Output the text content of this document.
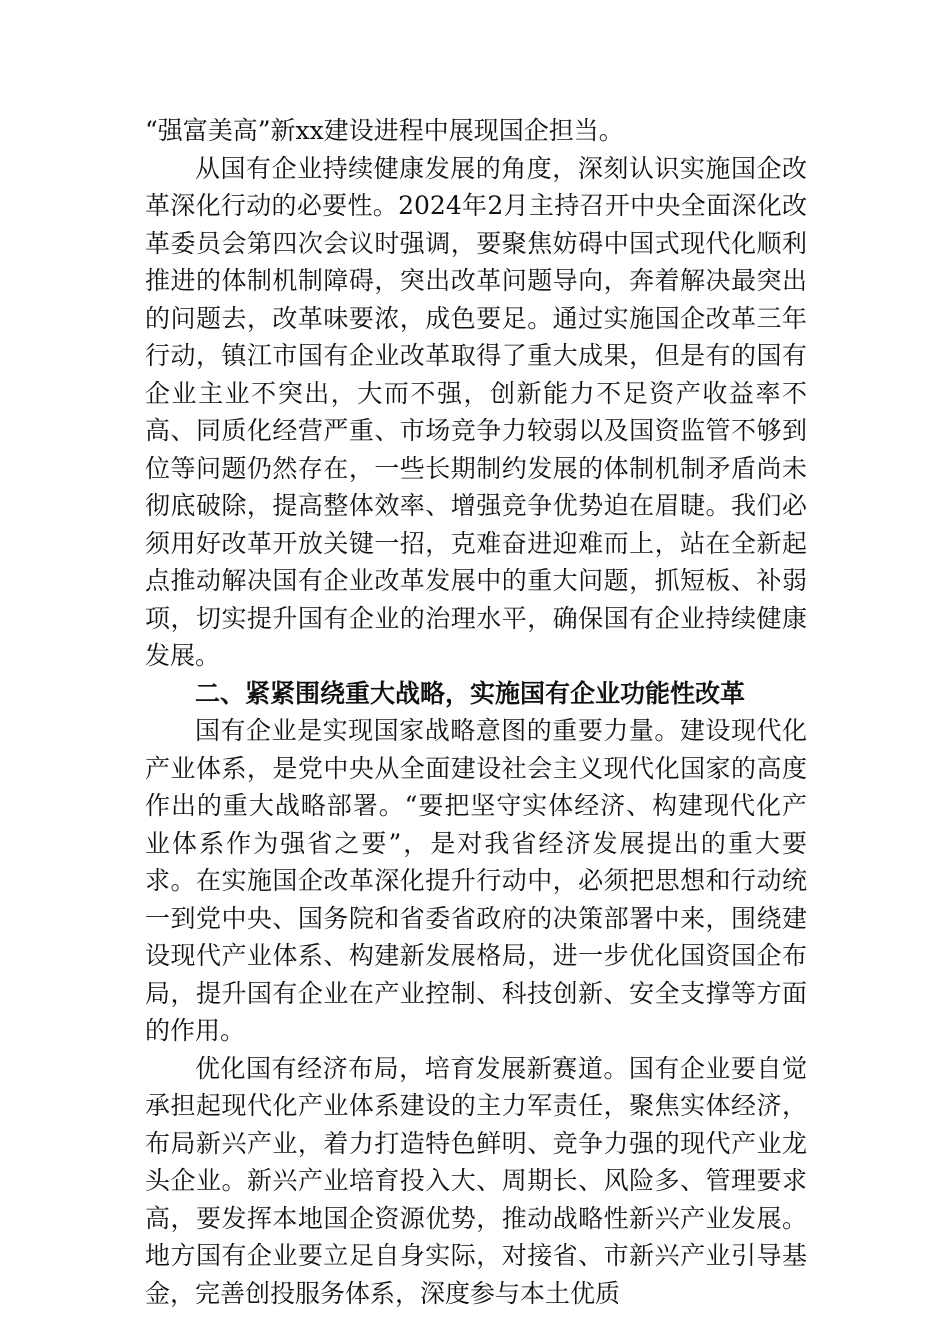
“强富美高”新xx建设进程中展现国企担当。

从国有企业持续健康发展的角度，深刻认识实施国企改革深化行动的必要性。2024年2月主持召开中央全面深化改革委员会第四次会议时强调，要聚焦妨碍中国式现代化顺利推进的体制机制障碍，突出改革问题导向，奔着解决最突出的问题去，改革味要浓，成色要足。通过实施国企改革三年行动，镇江市国有企业改革取得了重大成果，但是有的国有企业主业不突出，大而不强，创新能力不足资产收益率不高、同质化经营严重、市场竞争力较弱以及国资监管不够到位等问题仍然存在，一些长期制约发展的体制机制矛盾尚未彻底破除，提高整体效率、增强竞争优势迫在眉睫。我们必须用好改革开放关键一招，克难奋进迎难而上，站在全新起点推动解决国有企业改革发展中的重大问题，抓短板、补弱项，切实提升国有企业的治理水平，确保国有企业持续健康发展。

二、紧紧围绕重大战略，实施国有企业功能性改革

国有企业是实现国家战略意图的重要力量。建设现代化产业体系，是党中央从全面建设社会主义现代化国家的高度作出的重大战略部署。“要把坚守实体经济、构建现代化产业体系作为强省之要”，是对我省经济发展提出的重大要求。在实施国企改革深化提升行动中，必须把思想和行动统一到党中央、国务院和省委省政府的决策部署中来，围绕建设现代产业体系、构建新发展格局，进一步优化国资国企布局，提升国有企业在产业控制、科技创新、安全支撑等方面的作用。

优化国有经济布局，培育发展新赛道。国有企业要自觉承担起现代化产业体系建设的主力军责任，聚焦实体经济，布局新兴产业，着力打造特色鲜明、竞争力强的现代产业龙头企业。新兴产业培育投入大、周期长、风险多、管理要求高，要发挥本地国企资源优势，推动战略性新兴产业发展。地方国有企业要立足自身实际，对接省、市新兴产业引导基金，完善创投服务体系，深度参与本土优质
